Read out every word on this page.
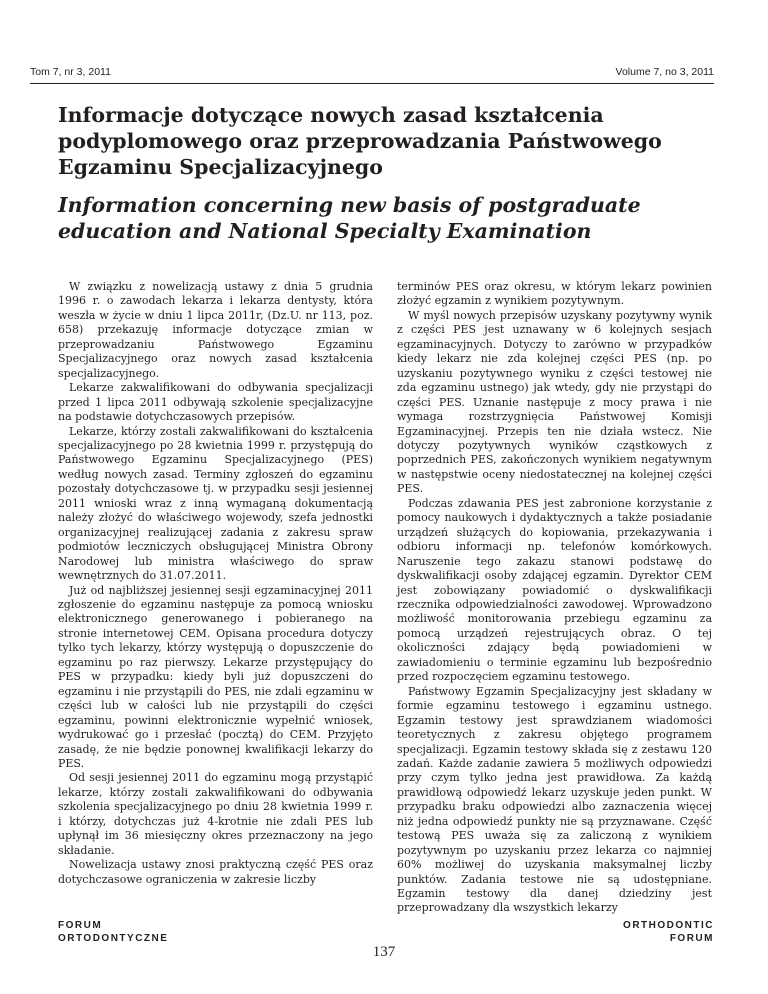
Tom 7, nr 3, 2011	Volume 7, no 3, 2011
Informacje dotyczące nowych zasad kształcenia podyplomowego oraz przeprowadzania Państwowego Egzaminu Specjalizacyjnego
Information concerning new basis of postgraduate education and National Specialty Examination

W związku z nowelizacją ustawy z dnia 5 grudnia 1996 r. o zawodach lekarza i lekarza dentysty, która weszła w życie w dniu 1 lipca 2011r, (Dz.U. nr 113, poz. 658) przekazuję informacje dotyczące zmian w przeprowadzaniu Państwowego Egzaminu Specjalizacyjnego oraz nowych zasad kształcenia specjalizacyjnego.

Lekarze zakwalifikowani do odbywania specjalizacji przed 1 lipca 2011 odbywają szkolenie specjalizacyjne na podstawie dotychczasowych przepisów.

Lekarze, którzy zostali zakwalifikowani do kształcenia specjalizacyjnego po 28 kwietnia 1999 r. przystępują do Państwowego Egzaminu Specjalizacyjnego (PES) według nowych zasad. Terminy zgłoszeń do egzaminu pozostały dotychczasowe tj. w przypadku sesji jesiennej 2011 wnioski wraz z inną wymaganą dokumentacją należy złożyć do właściwego wojewody, szefa jednostki organizacyjnej realizującej zadania z zakresu spraw podmiotów leczniczych obsługującej Ministra Obrony Narodowej lub ministra właściwego do spraw wewnętrznych do 31.07.2011.

Już od najbliższej jesiennej sesji egzaminacyjnej 2011 zgłoszenie do egzaminu następuje za pomocą wniosku elektronicznego generowanego i pobieranego na stronie internetowej CEM. Opisana procedura dotyczy tylko tych lekarzy, którzy występują o dopuszczenie do egzaminu po raz pierwszy. Lekarze przystępujący do PES w przypadku: kiedy byli już dopuszczeni do egzaminu i nie przystąpili do PES, nie zdali egzaminu w części lub w całości lub nie przystąpili do części egzaminu, powinni elektronicznie wypełnić wniosek, wydrukować go i przesłać (pocztą) do CEM. Przyjęto zasadę, że nie będzie ponownej kwalifikacji lekarzy do PES.

Od sesji jesiennej 2011 do egzaminu mogą przystąpić lekarze, którzy zostali zakwalifikowani do odbywania szkolenia specjalizacyjnego po dniu 28 kwietnia 1999 r. i którzy, dotychczas już 4-krotnie nie zdali PES lub upłynął im 36 miesięczny okres przeznaczony na jego składanie.

Nowelizacja ustawy znosi praktyczną część PES oraz dotychczasowe ograniczenia w zakresie liczby

terminów PES oraz okresu, w którym lekarz powinien złożyć egzamin z wynikiem pozytywnym.

W myśl nowych przepisów uzyskany pozytywny wynik z części PES jest uznawany w 6 kolejnych sesjach egzaminacyjnych. Dotyczy to zarówno w przypadków kiedy lekarz nie zda kolejnej części PES (np. po uzyskaniu pozytywnego wyniku z części testowej nie zda egzaminu ustnego) jak wtedy, gdy nie przystąpi do części PES. Uznanie następuje z mocy prawa i nie wymaga rozstrzygnięcia Państwowej Komisji Egzaminacyjnej. Przepis ten nie działa wstecz. Nie dotyczy pozytywnych wyników cząstkowych z poprzednich PES, zakończonych wynikiem negatywnym w następstwie oceny niedostatecznej na kolejnej części PES.

Podczas zdawania PES jest zabronione korzystanie z pomocy naukowych i dydaktycznych a także posiadanie urządzeń służących do kopiowania, przekazywania i odbioru informacji np. telefonów komórkowych. Naruszenie tego zakazu stanowi podstawę do dyskwalifikacji osoby zdającej egzamin. Dyrektor CEM jest zobowiązany powiadomić o dyskwalifikacji rzecznika odpowiedzialności zawodowej. Wprowadzono możliwość monitorowania przebiegu egzaminu za pomocą urządzeń rejestrujących obraz. O tej okoliczności zdający będą powiadomieni w zawiadomieniu o terminie egzaminu lub bezpośrednio przed rozpoczęciem egzaminu testowego.

Państwowy Egzamin Specjalizacyjny jest składany w formie egzaminu testowego i egzaminu ustnego. Egzamin testowy jest sprawdzianem wiadomości teoretycznych z zakresu objętego programem specjalizacji. Egzamin testowy składa się z zestawu 120 zadań. Każde zadanie zawiera 5 możliwych odpowiedzi przy czym tylko jedna jest prawidłowa. Za każdą prawidłową odpowiedź lekarz uzyskuje jeden punkt. W przypadku braku odpowiedzi albo zaznaczenia więcej niż jedna odpowiedź punkty nie są przyznawane. Część testową PES uważa się za zaliczoną z wynikiem pozytywnym po uzyskaniu przez lekarza co najmniej 60% możliwej do uzyskania maksymalnej liczby punktów. Zadania testowe nie są udostępniane. Egzamin testowy dla danej dziedziny jest przeprowadzany dla wszystkich lekarzy

FORUM
ORTODONTYCZNE
ORTHODONTIC
FORUM
137
